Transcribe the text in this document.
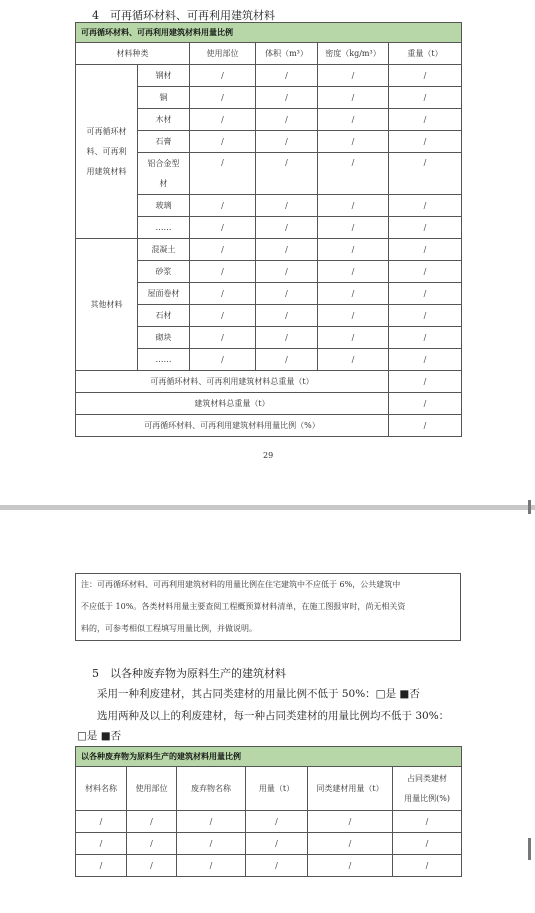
4　可再循环材料、可再利用建筑材料
可再循环材料、可再利用建筑材料用量比例					
材料种类		使用部位	体积（m³）	密度（kg/m³）	重量（t）

可再循环材
料、可再利
用建筑材料	钢材	/	/	/	/
	铜	/	/	/	/
	木材	/	/	/	/
	石膏	/	/	/	/

	铝合金型
材	/	/	/	/
	玻璃	/	/	/	/
	……	/	/	/	/
其他材料	混凝土	/	/	/	/
	砂浆	/	/	/	/
	屋面卷材	/	/	/	/
	石材	/	/	/	/
	砌块	/	/	/	/
	……	/	/	/	/
可再循环材料、可再利用建筑材料总重量（t）					/
建筑材料总重量（t）					/
可再循环材料、可再利用建筑材料用量比例（%）					/
29
注：可再循环材料、可再利用建筑材料的用量比例在住宅建筑中不应低于 6%，公共建筑中
不应低于 10%。各类材料用量主要查阅工程概预算材料清单，在施工图报审时，尚无相关资
料的，可参考相似工程填写用量比例，并做说明。
5　以各种废弃物为原料生产的建筑材料
采用一种利废建材，其占同类建材的用量比例不低于 50%：□是 ■否
选用两种及以上的利废建材，每一种占同类建材的用量比例均不低于 30%：
□是 ■否
以各种废弃物为原料生产的建筑材料用量比例					
材料名称	使用部位	废弃物名称	用量（t）	同类建材用量（t）	占同类建材
用量比例(%)

/	/	/	/	/	/
/	/	/	/	/	/
/	/	/	/	/	/
